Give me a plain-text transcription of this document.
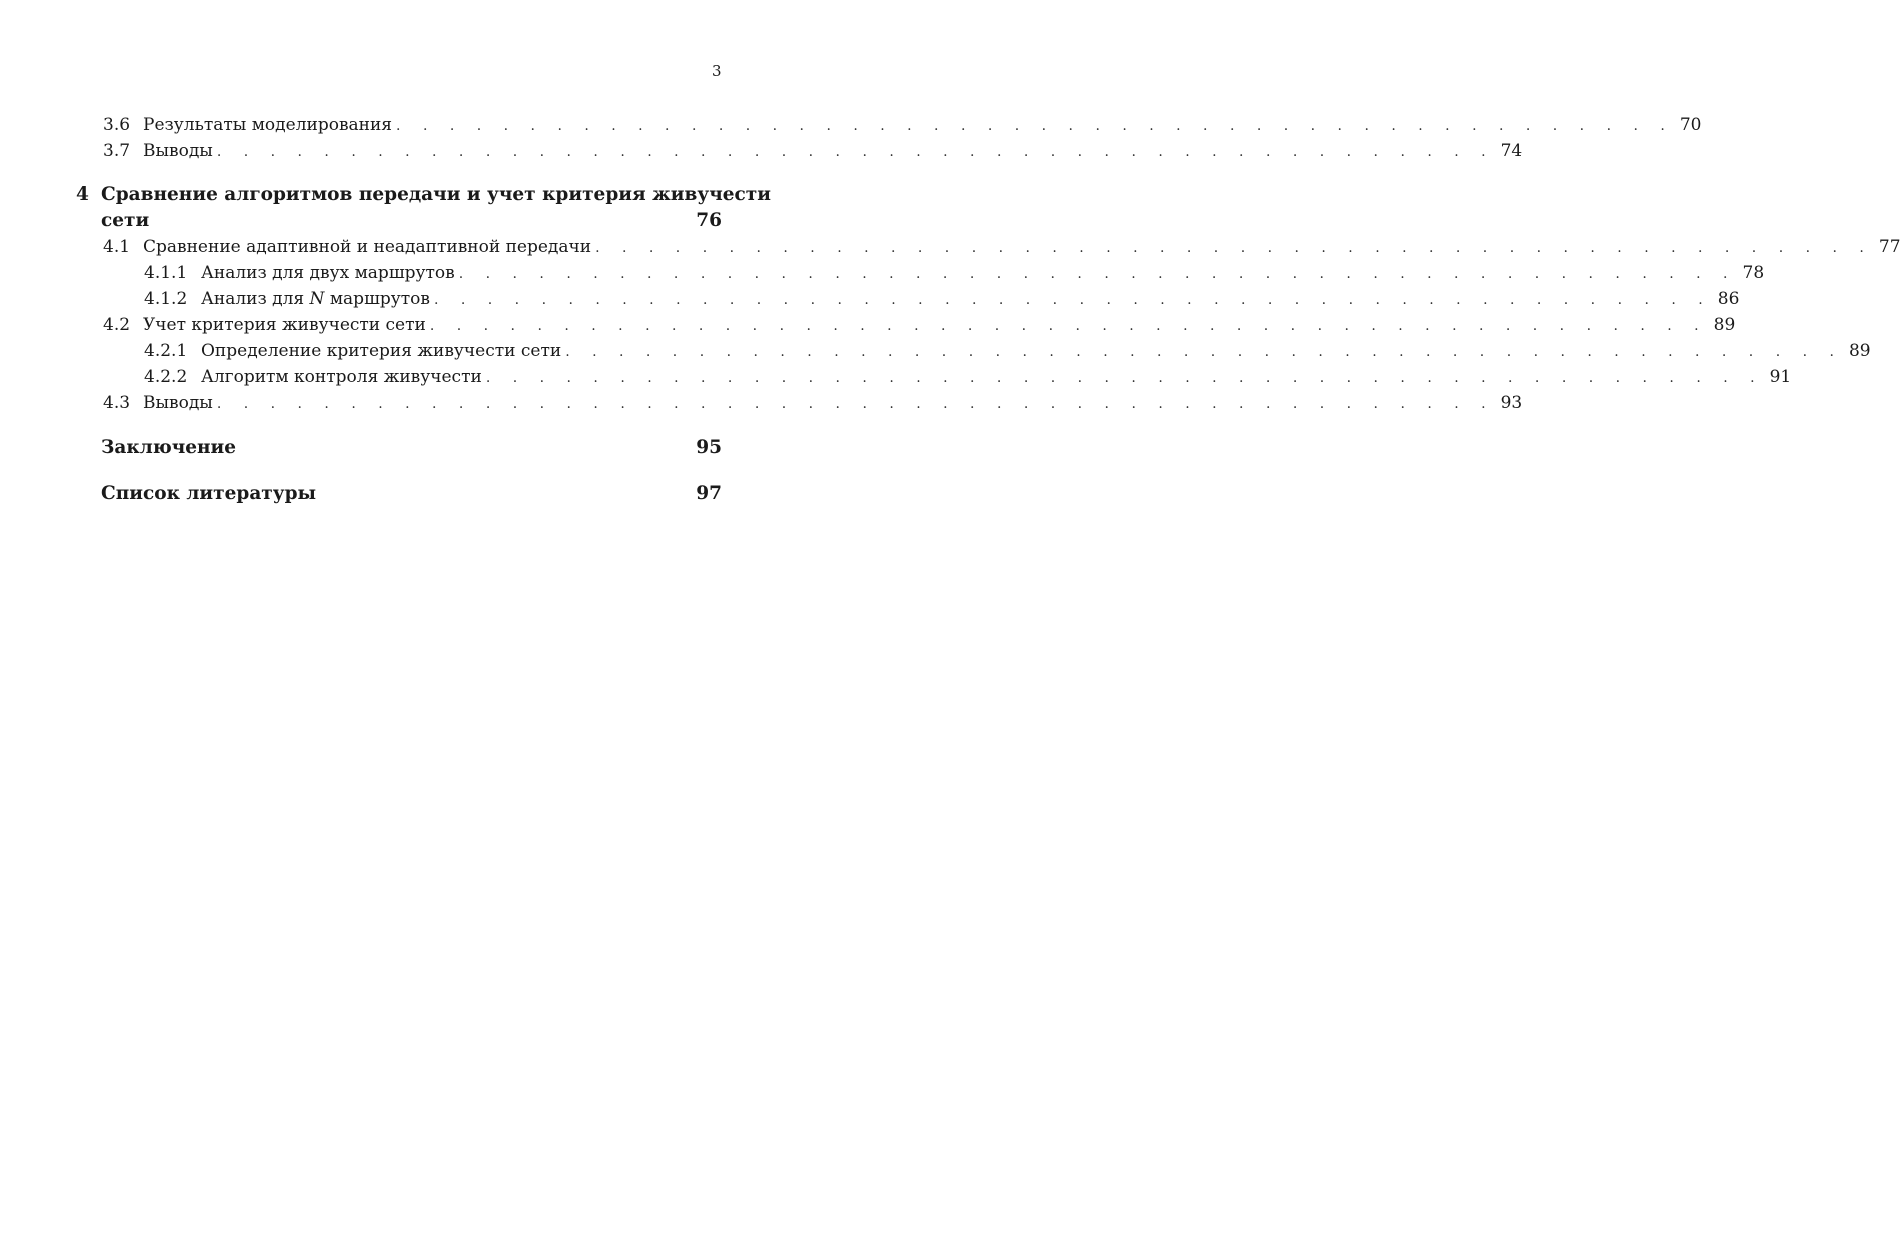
3
3.6 Результаты моделирования . . . . . . . . . . . . . . . . . . . . . . . . . . . . . . . . . . . . . . . . . . . . . . . . 70
3.7 Выводы . . . . . . . . . . . . . . . . . . . . . . . . . . . . . . . . . . . . . . . . . . . . . . . . 74
4 Сравнение алгоритмов передачи и учет критерия живучести
сети	76
4.1 Сравнение адаптивной и неадаптивной передачи . . . . . . . . . . . . . . . . . . . . . . . . . . . . . . . . . . . . . . . . . . . . . . . . 77
4.1.1 Анализ для двух маршрутов . . . . . . . . . . . . . . . . . . . . . . . . . . . . . . . . . . . . . . . . . . . . . . . . 78
4.1.2 Анализ для N маршрутов . . . . . . . . . . . . . . . . . . . . . . . . . . . . . . . . . . . . . . . . . . . . . . . . 86
4.2 Учет критерия живучести сети . . . . . . . . . . . . . . . . . . . . . . . . . . . . . . . . . . . . . . . . . . . . . . . . 89
4.2.1 Определение критерия живучести сети . . . . . . . . . . . . . . . . . . . . . . . . . . . . . . . . . . . . . . . . . . . . . . . . 89
4.2.2 Алгоритм контроля живучести . . . . . . . . . . . . . . . . . . . . . . . . . . . . . . . . . . . . . . . . . . . . . . . . 91
4.3 Выводы . . . . . . . . . . . . . . . . . . . . . . . . . . . . . . . . . . . . . . . . . . . . . . . . 93
Заключение	95
Список литературы	97
